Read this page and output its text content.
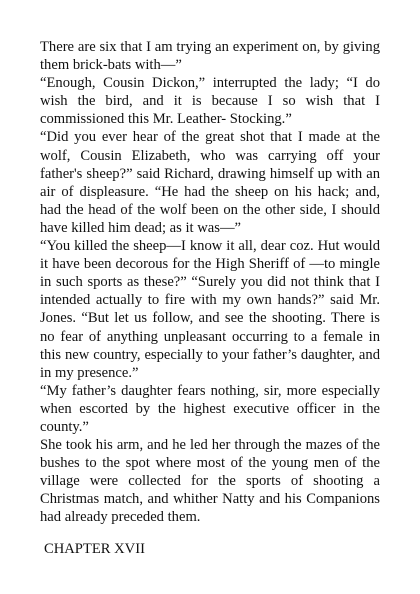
There are six that I am trying an experiment on, by giving them brick-bats with—”

“Enough, Cousin Dickon,” interrupted the lady; “I do wish the bird, and it is because I so wish that I commissioned this Mr. Leather- Stocking.”

“Did you ever hear of the great shot that I made at the wolf, Cousin Elizabeth, who was carrying off your father's sheep?” said Richard, drawing himself up with an air of displeasure. “He had the sheep on his hack; and, had the head of the wolf been on the other side, I should have killed him dead; as it was—”

“You killed the sheep—I know it all, dear coz. Hut would it have been decorous for the High Sheriff of —to mingle in such sports as these?” “Surely you did not think that I intended actually to fire with my own hands?” said Mr. Jones. “But let us follow, and see the shooting. There is no fear of anything unpleasant occurring to a female in this new country, especially to your father’s daughter, and in my presence.”

“My father’s daughter fears nothing, sir, more especially when escorted by the highest executive officer in the county.”

She took his arm, and he led her through the mazes of the bushes to the spot where most of the young men of the village were collected for the sports of shooting a Christmas match, and whither Natty and his Companions had already preceded them.

CHAPTER XVII
